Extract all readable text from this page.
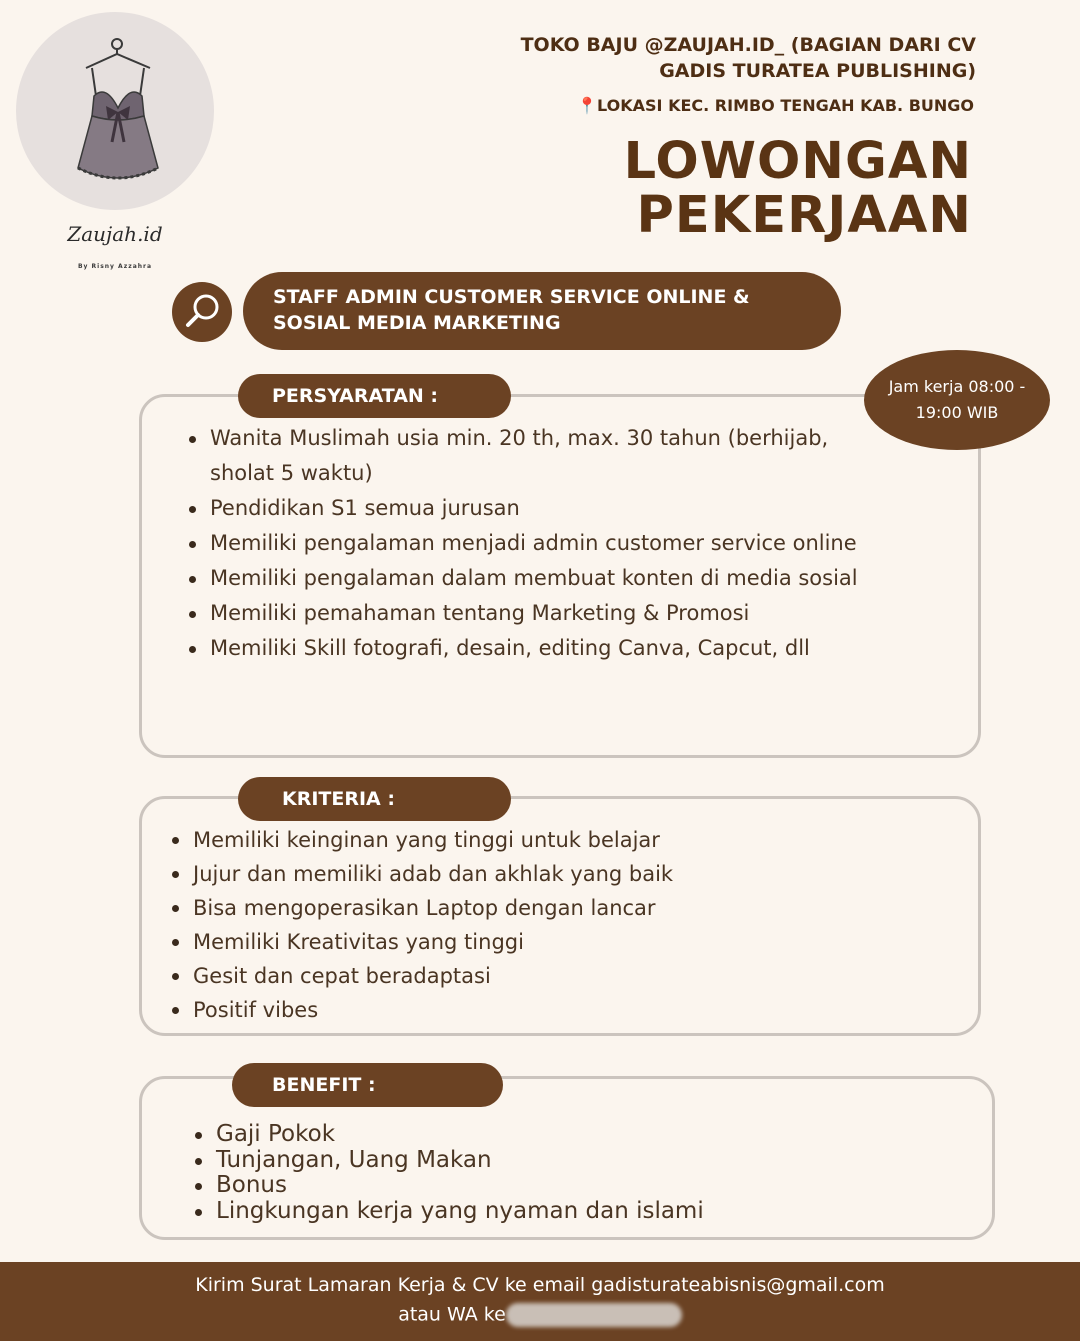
Zaujah.id
By Risny Azzahra
TOKO BAJU @ZAUJAH.ID_ (BAGIAN DARI CV GADIS TURATEA PUBLISHING)
📍LOKASI KEC. RIMBO TENGAH KAB. BUNGO
LOWONGAN
PEKERJAAN
STAFF ADMIN CUSTOMER SERVICE ONLINE &
SOSIAL MEDIA MARKETING
Wanita Muslimah usia min. 20 th, max. 30 tahun (berhijab, sholat 5 waktu)
Pendidikan S1 semua jurusan
Memiliki pengalaman menjadi admin customer service online
Memiliki pengalaman dalam membuat konten di media sosial
Memiliki pemahaman tentang Marketing & Promosi
Memiliki Skill fotografi, desain, editing Canva, Capcut, dll
PERSYARATAN :	Jam kerja 08:00 -
19:00 WIB
Memiliki keinginan yang tinggi untuk belajar
Jujur dan memiliki adab dan akhlak yang baik
Bisa mengoperasikan Laptop dengan lancar
Memiliki Kreativitas yang tinggi
Gesit dan cepat beradaptasi
Positif vibes
KRITERIA :
Gaji Pokok
Tunjangan, Uang Makan
Bonus
Lingkungan kerja yang nyaman dan islami
BENEFIT :
Kirim Surat Lamaran Kerja & CV ke email gadisturateabisnis@gmail.com
atau WA ke
